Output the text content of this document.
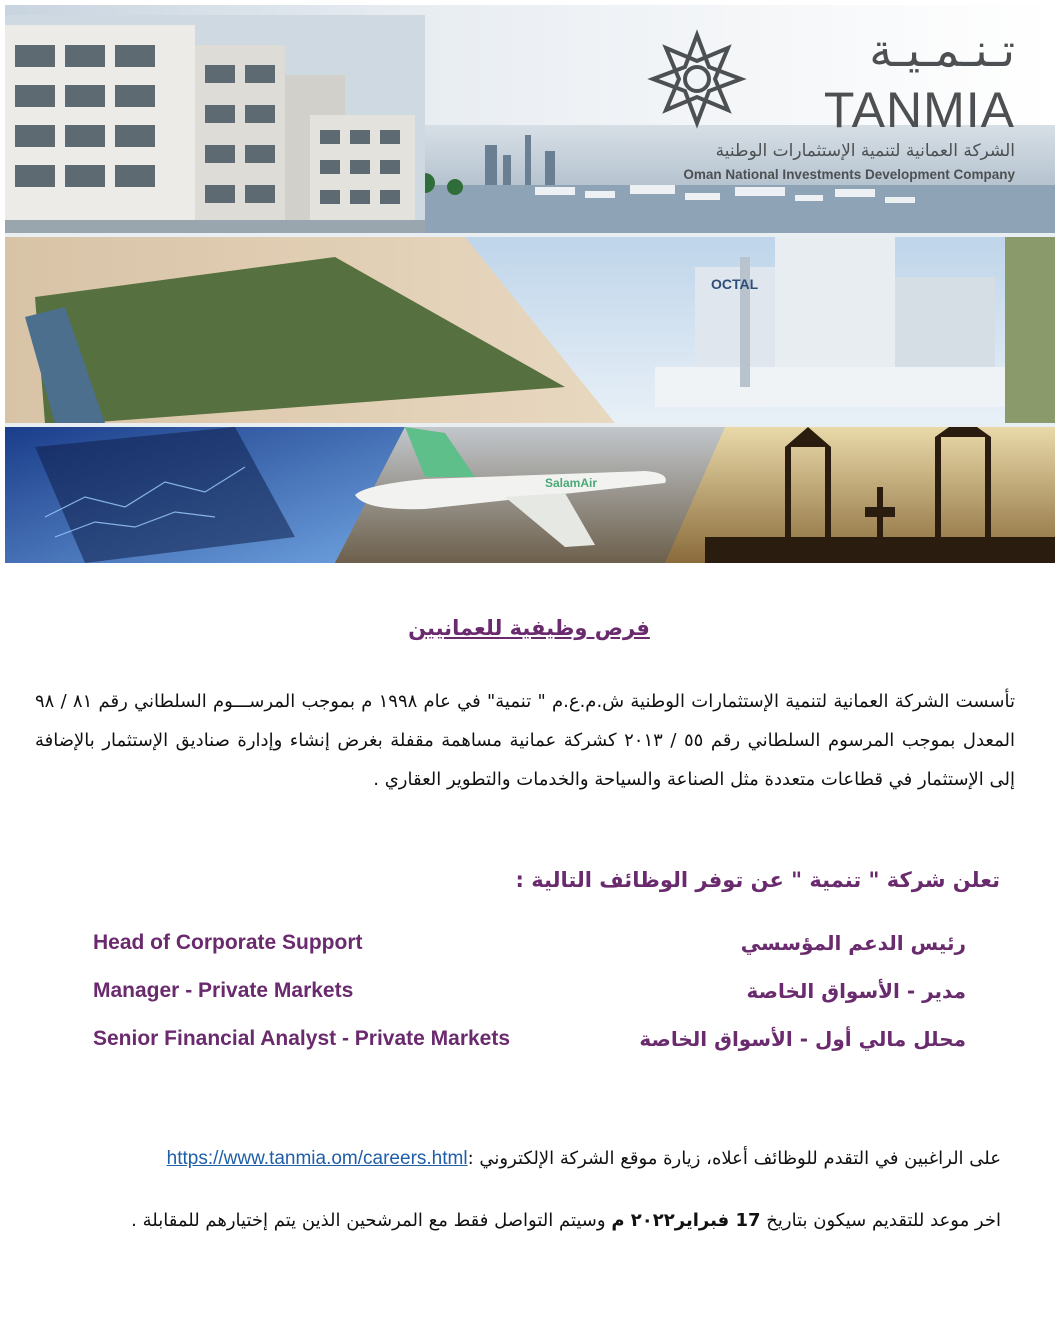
تـنـمـيـة
TANMIA
الشركة العمانية لتنمية الإستثمارات الوطنية
Oman National Investments Development Company
OCTAL
SalamAir
فرص وظيفية للعمانيين
تأسست الشركة العمانية لتنمية الإستثمارات الوطنية ش.م.ع.م " تنمية" في عام ١٩٩٨ م بموجب المرســـوم السلطاني رقم ٨١ / ٩٨ المعدل بموجب المرسوم السلطاني رقم ٥٥ / ٢٠١٣ كشركة عمانية مساهمة مقفلة بغرض إنشاء وإدارة صناديق الإستثمار بالإضافة إلى الإستثمار في قطاعات متعددة مثل الصناعة والسياحة والخدمات والتطوير العقاري .
تعلن شركة " تنمية " عن توفر الوظائف التالية :
Head of Corporate Support
Manager - Private Markets
Senior Financial Analyst - Private Markets
رئيس الدعم المؤسسي
مدير - الأسواق الخاصة
محلل مالي أول - الأسواق الخاصة
على الراغبين في التقدم للوظائف أعلاه، زيارة موقع الشركة الإلكتروني :https://www.tanmia.om/careers.html
اخر موعد للتقديم سيكون بتاريخ 17 فبراير٢٠٢٢ م وسيتم التواصل فقط مع المرشحين الذين يتم إختيارهم للمقابلة .
